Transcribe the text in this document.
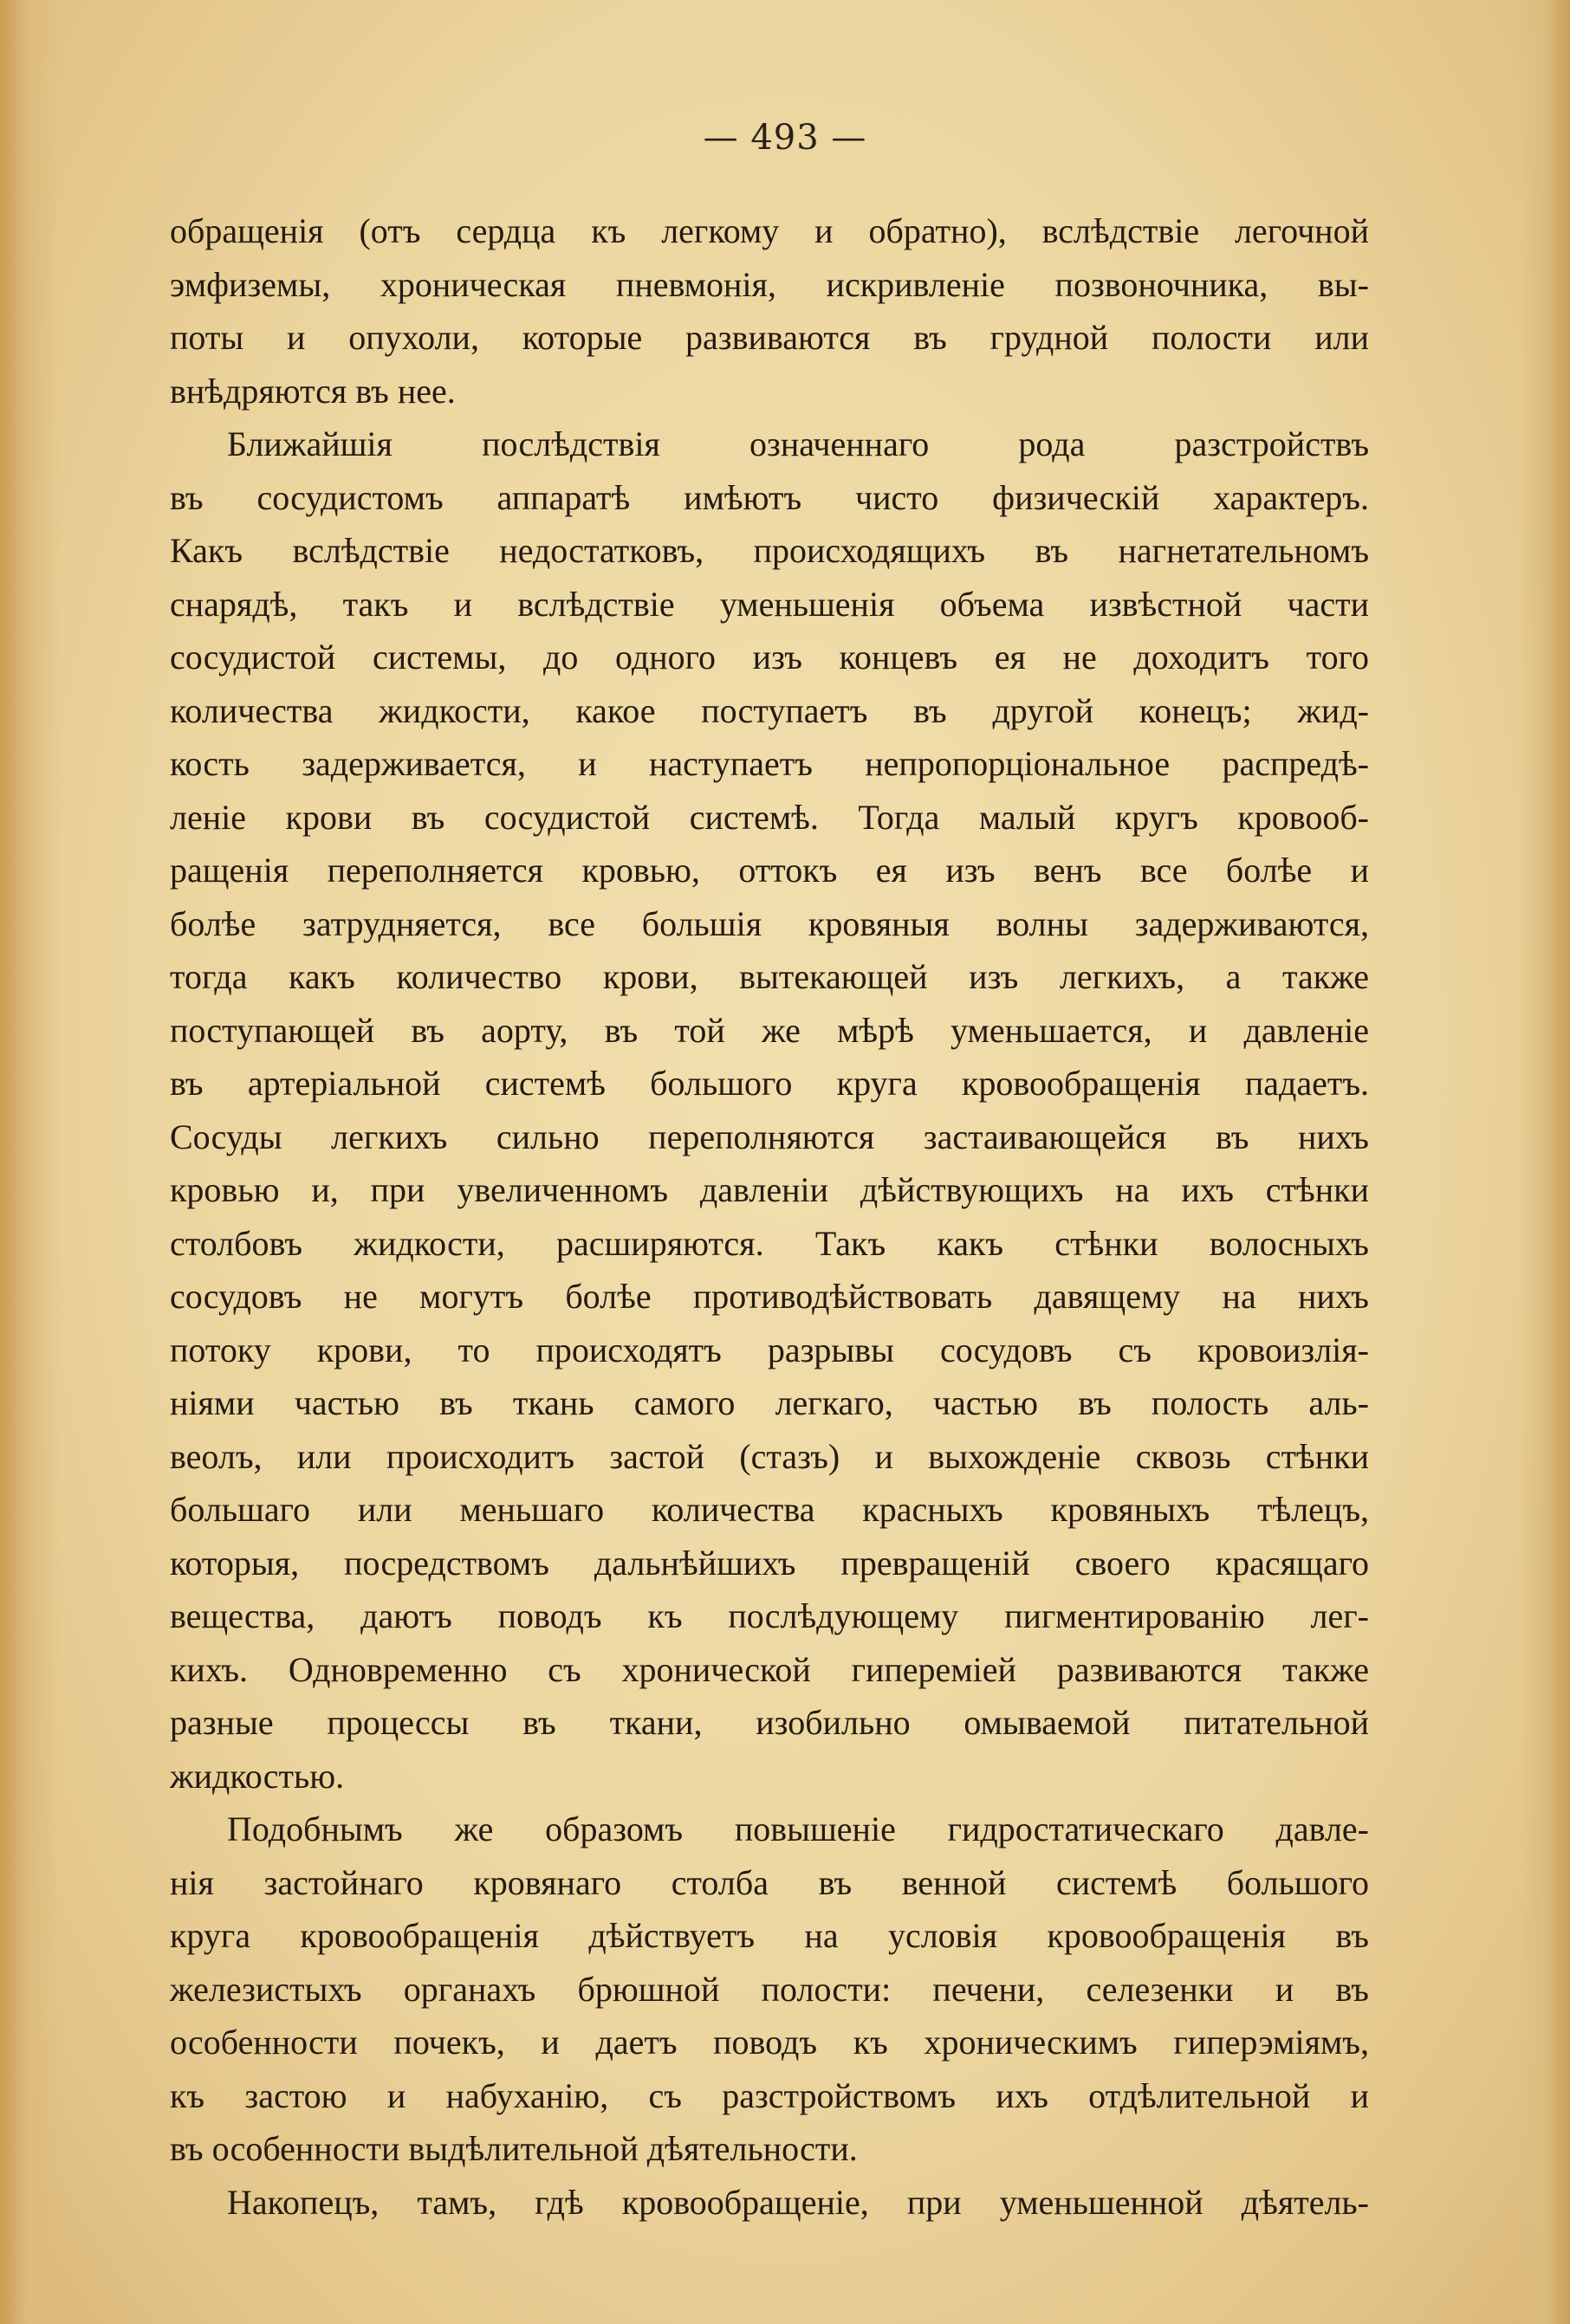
— 493 —
обращенія (отъ сердца къ легкому и обратно), вслѣдствіе легочной
эмфиземы, хроническая пневмонія, искривленіе позвоночника, вы-
поты и опухоли, которые развиваются въ грудной полости или
внѣдряются въ нее.
Ближайшія послѣдствія означеннаго рода разстройствъ
въ сосудистомъ аппаратѣ имѣютъ чисто физическій характеръ.
Какъ вслѣдствіе недостатковъ, происходящихъ въ нагнетательномъ
снарядѣ, такъ и вслѣдствіе уменьшенія объема извѣстной части
сосудистой системы, до одного изъ концевъ ея не доходитъ того
количества жидкости, какое поступаетъ въ другой конецъ; жид-
кость задерживается, и наступаетъ непропорціональное распредѣ-
леніе крови въ сосудистой системѣ. Тогда малый кругъ кровооб-
ращенія переполняется кровью, оттокъ ея изъ венъ все болѣе и
болѣе затрудняется, все большія кровяныя волны задерживаются,
тогда какъ количество крови, вытекающей изъ легкихъ, а также
поступающей въ аорту, въ той же мѣрѣ уменьшается, и давленіе
въ артеріальной системѣ большого круга кровообращенія падаетъ.
Сосуды легкихъ сильно переполняются застаивающейся въ нихъ
кровью и, при увеличенномъ давленіи дѣйствующихъ на ихъ стѣнки
столбовъ жидкости, расширяются. Такъ какъ стѣнки волосныхъ
сосудовъ не могутъ болѣе противодѣйствовать давящему на нихъ
потоку крови, то происходятъ разрывы сосудовъ съ кровоизлія-
ніями частью въ ткань самого легкаго, частью въ полость аль-
веолъ, или происходитъ застой (стазъ) и выхожденіе сквозь стѣнки
большаго или меньшаго количества красныхъ кровяныхъ тѣлецъ,
которыя, посредствомъ дальнѣйшихъ превращеній своего красящаго
вещества, даютъ поводъ къ послѣдующему пигментированію лег-
кихъ. Одновременно съ хронической гипереміей развиваются также
разные процессы въ ткани, изобильно омываемой питательной
жидкостью.
Подобнымъ же образомъ повышеніе гидростатическаго давле-
нія застойнаго кровянаго столба въ венной системѣ большого
круга кровообращенія дѣйствуетъ на условія кровообращенія въ
железистыхъ органахъ брюшной полости: печени, селезенки и въ
особенности почекъ, и даетъ поводъ къ хроническимъ гиперэміямъ,
къ застою и набуханію, съ разстройствомъ ихъ отдѣлительной и
въ особенности выдѣлительной дѣятельности.
Накопецъ, тамъ, гдѣ кровообращеніе, при уменьшенной дѣятель-
